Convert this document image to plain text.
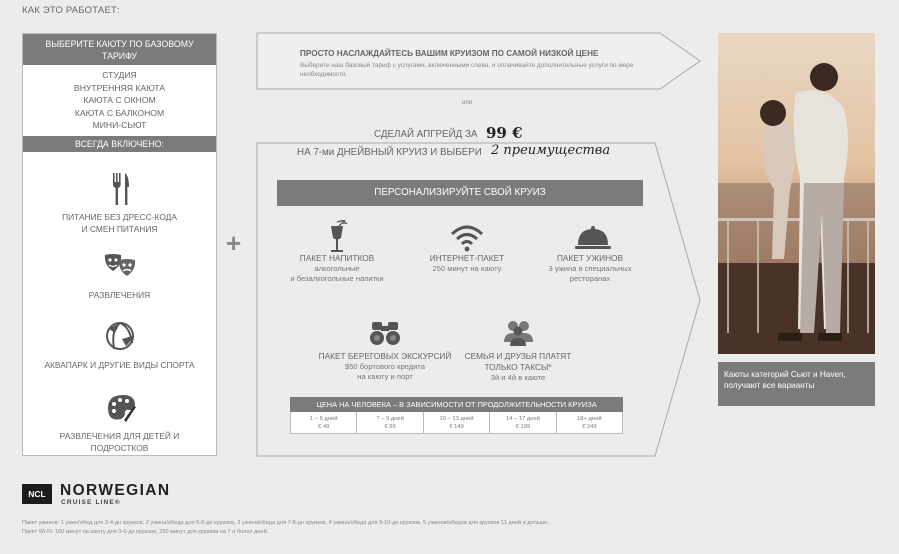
КАК ЭТО РАБОТАЕТ:
ВЫБЕРИТЕ КАЮТУ ПО БАЗОВОМУ ТАРИФУ
СТУДИЯ
ВНУТРЕННЯЯ КАЮТА
КАЮТА С ОКНОМ
КАЮТА С БАЛКОНОМ
МИНИ-СЬЮТ
ВСЕГДА ВКЛЮЧЕНО:
ПИТАНИЕ БЕЗ ДРЕСС-КОДА И СМЕН ПИТАНИЯ
РАЗВЛЕЧЕНИЯ
АКВАПАРК И ДРУГИЕ ВИДЫ СПОРТА
РАЗВЛЕЧЕНИЯ ДЛЯ ДЕТЕЙ И ПОДРОСТКОВ
+
ПРОСТО НАСЛАЖДАЙТЕСЬ ВАШИМ КРУИЗОМ ПО САМОЙ НИЗКОЙ ЦЕНЕ
Выберите наш базовый тариф с услугами, включенными слева, и оплачивайте дополнительные услуги по мере необходимости.
или
СДЕЛАЙ АПГРЕЙД ЗА 99 €
НА 7-ми ДНЕЙВНЫЙ КРУИЗ И ВЫБЕРИ 2 преимущества
ПЕРСОНАЛИЗИРУЙТЕ СВОЙ КРУИЗ
ПАКЕТ НАПИТКОВ
алкогольные
и безалкогольные напитки
ИНТЕРНЕТ-ПАКЕТ
250 минут на каюту
ПАКЕТ УЖИНОВ
3 ужина в специальных
ресторанах
ПАКЕТ БЕРЕГОВЫХ ЭКСКУРСИЙ
$50 бортового кредита
на каюту и порт
СЕМЬЯ И ДРУЗЬЯ ПЛАТЯТ
ТОЛЬКО ТАКСЫ*
3й и 4й в каюте
ЦЕНА НА ЧЕЛОВЕКА – В ЗАВИСИМОСТИ ОТ ПРОДОЛЖИТЕЛЬНОСТИ КРУИЗА
1 – 6 дней
€ 49
7 – 9 дней
€ 99
10 – 13 дней
€ 149
14 – 17 дней
€ 199
18+ дней
€ 249
Каюты категорий Сьют и Haven, получают все варианты
NCL NORWEGIAN
CRUISE LINE®
Пакет ужинов: 1 ужин/обед для 3-4-дн круизов, 2 ужина/обеда для 5-6-дн круизов, 3 ужина/обеда для 7-8-дн круизов, 4 ужина/обеда для 9-10-дн круизов, 5 ужинов/обедов для круизов 11 дней и дольше.
Пакет Wi-Fi: 100 минут на каюту для 3-6-дн круизов, 250 минут для круизов на 7 и более дней.
